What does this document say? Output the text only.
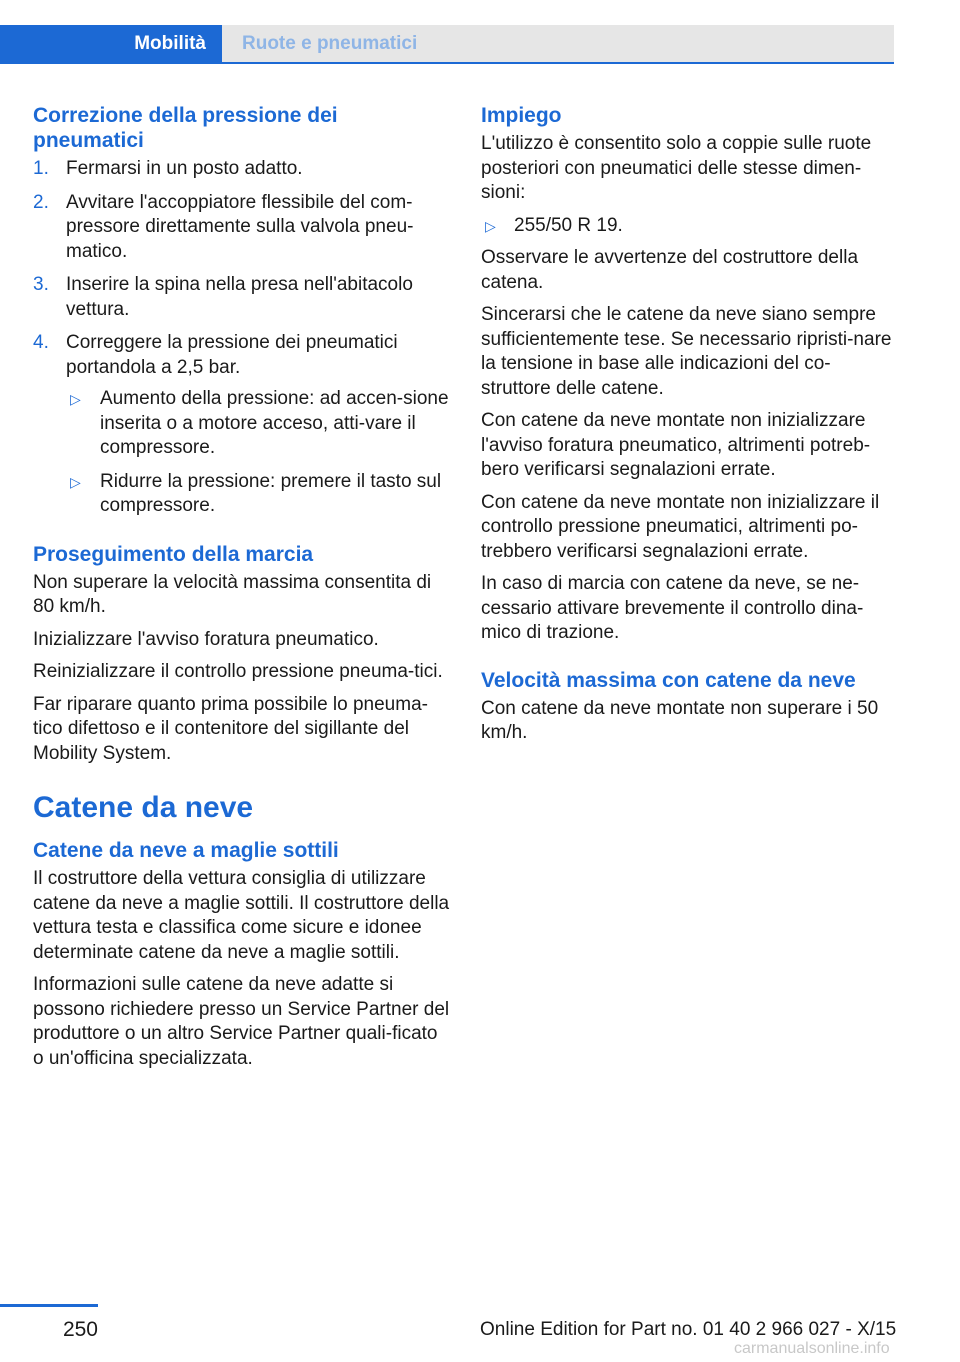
Mobilità	Ruote e pneumatici
Correzione della pressione dei pneumatici
1. Fermarsi in un posto adatto.
2. Avvitare l'accoppiatore flessibile del com-pressore direttamente sulla valvola pneu-matico.
3. Inserire la spina nella presa nell'abitacolo vettura.
4. Correggere la pressione dei pneumatici portandola a 2,5 bar.
▷ Aumento della pressione: ad accen-sione inserita o a motore acceso, atti-vare il compressore.
▷ Ridurre la pressione: premere il tasto sul compressore.
Proseguimento della marcia

Non superare la velocità massima consentita di 80 km/h.

Inizializzare l'avviso foratura pneumatico.

Reinizializzare il controllo pressione pneuma-tici.

Far riparare quanto prima possibile lo pneuma-tico difettoso e il contenitore del sigillante del Mobility System.

Catene da neve
Catene da neve a maglie sottili

Il costruttore della vettura consiglia di utilizzare catene da neve a maglie sottili. Il costruttore della vettura testa e classifica come sicure e idonee determinate catene da neve a maglie sottili.

Informazioni sulle catene da neve adatte si possono richiedere presso un Service Partner del produttore o un altro Service Partner quali-ficato o un'officina specializzata.

Impiego

L'utilizzo è consentito solo a coppie sulle ruote posteriori con pneumatici delle stesse dimen-sioni:

▷ 255/50 R 19.

Osservare le avvertenze del costruttore della catena.

Sincerarsi che le catene da neve siano sempre sufficientemente tese. Se necessario ripristi-nare la tensione in base alle indicazioni del co-struttore delle catene.

Con catene da neve montate non inizializzare l'avviso foratura pneumatico, altrimenti potreb-bero verificarsi segnalazioni errate.

Con catene da neve montate non inizializzare il controllo pressione pneumatici, altrimenti po-trebbero verificarsi segnalazioni errate.

In caso di marcia con catene da neve, se ne-cessario attivare brevemente il controllo dina-mico di trazione.

Velocità massima con catene da neve

Con catene da neve montate non superare i 50 km/h.

250	Online Edition for Part no. 01 40 2 966 027 - X/15
carmanualsonline.info
